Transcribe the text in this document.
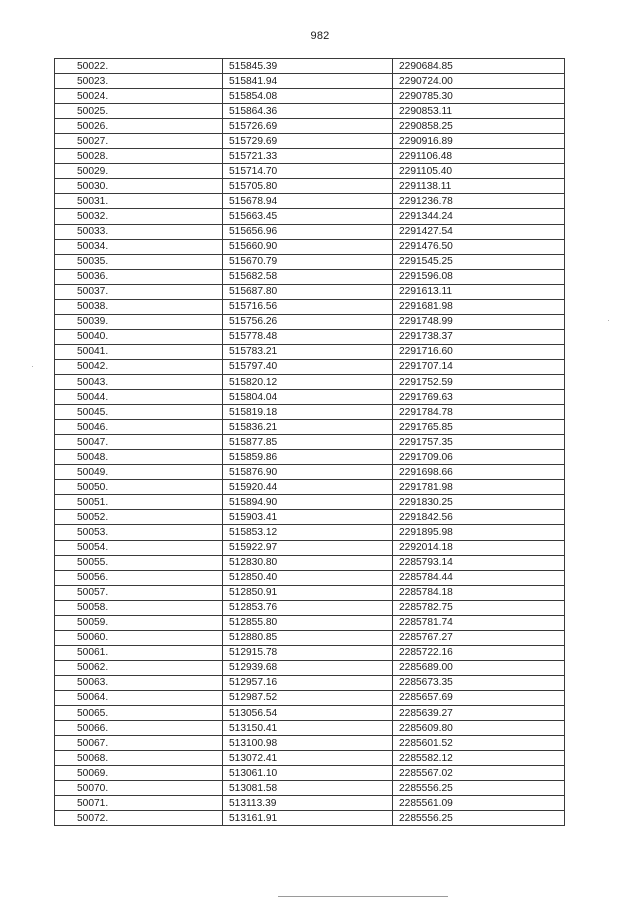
982
50022.	515845.39	2290684.85
50023.	515841.94	2290724.00
50024.	515854.08	2290785.30
50025.	515864.36	2290853.11
50026.	515726.69	2290858.25
50027.	515729.69	2290916.89
50028.	515721.33	2291106.48
50029.	515714.70	2291105.40
50030.	515705.80	2291138.11
50031.	515678.94	2291236.78
50032.	515663.45	2291344.24
50033.	515656.96	2291427.54
50034.	515660.90	2291476.50
50035.	515670.79	2291545.25
50036.	515682.58	2291596.08
50037.	515687.80	2291613.11
50038.	515716.56	2291681.98
50039.	515756.26	2291748.99
50040.	515778.48	2291738.37
50041.	515783.21	2291716.60
50042.	515797.40	2291707.14
50043.	515820.12	2291752.59
50044.	515804.04	2291769.63
50045.	515819.18	2291784.78
50046.	515836.21	2291765.85
50047.	515877.85	2291757.35
50048.	515859.86	2291709.06
50049.	515876.90	2291698.66
50050.	515920.44	2291781.98
50051.	515894.90	2291830.25
50052.	515903.41	2291842.56
50053.	515853.12	2291895.98
50054.	515922.97	2292014.18
50055.	512830.80	2285793.14
50056.	512850.40	2285784.44
50057.	512850.91	2285784.18
50058.	512853.76	2285782.75
50059.	512855.80	2285781.74
50060.	512880.85	2285767.27
50061.	512915.78	2285722.16
50062.	512939.68	2285689.00
50063.	512957.16	2285673.35
50064.	512987.52	2285657.69
50065.	513056.54	2285639.27
50066.	513150.41	2285609.80
50067.	513100.98	2285601.52
50068.	513072.41	2285582.12
50069.	513061.10	2285567.02
50070.	513081.58	2285556.25
50071.	513113.39	2285561.09
50072.	513161.91	2285556.25
